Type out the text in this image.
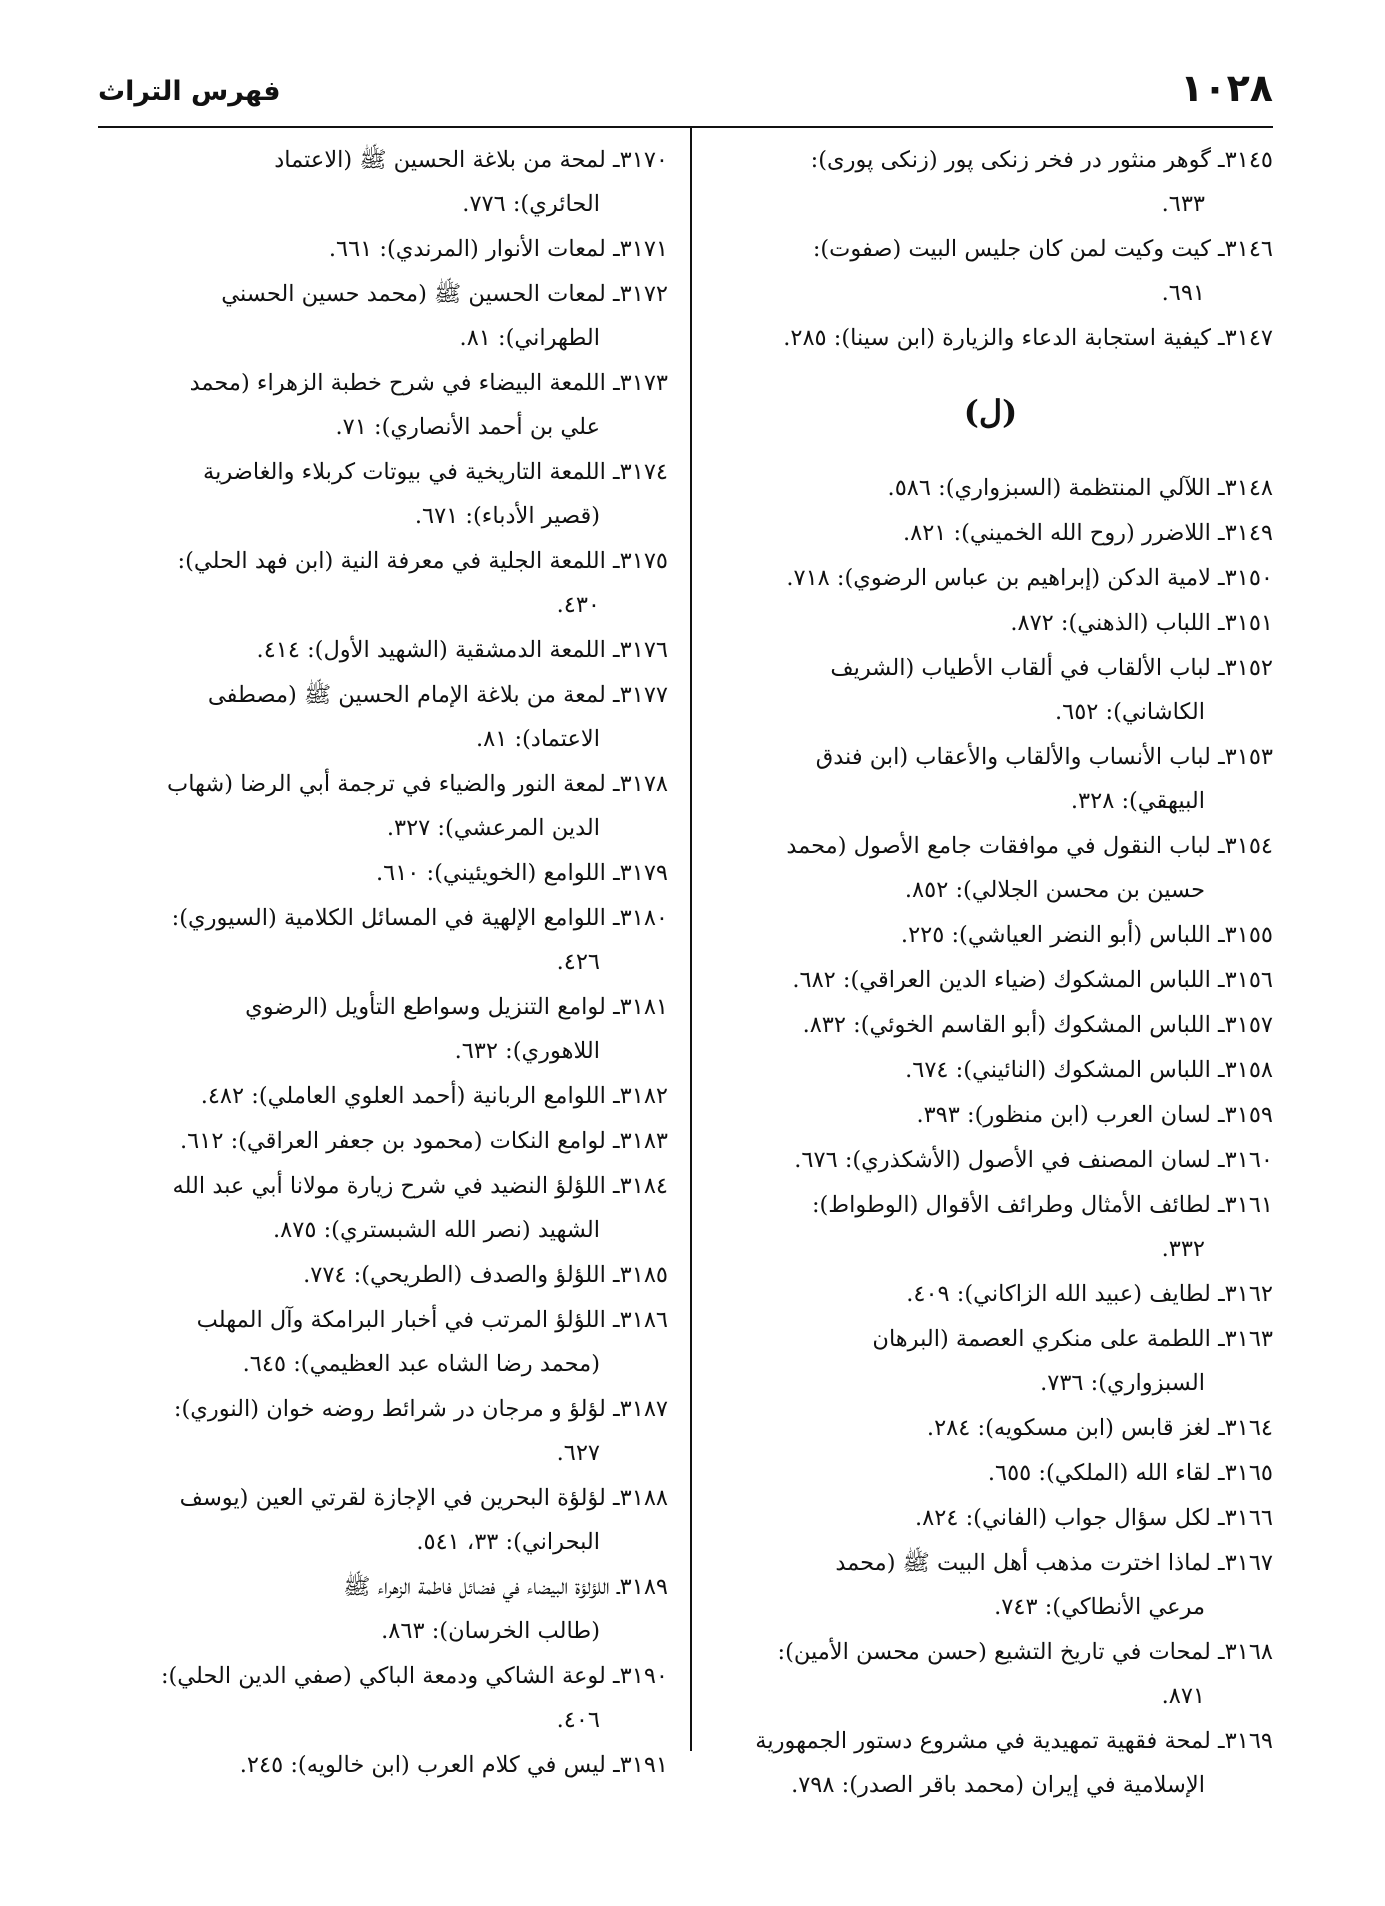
١٠٢٨
فهرس التراث
٣١٤٥ـ گوهر منثور در فخر زنكى پور (زنكى پورى):
٦٣٣.
٣١٤٦ـ كيت وكيت لمن كان جليس البيت (صفوت):
٦٩١.
٣١٤٧ـ كيفية استجابة الدعاء والزيارة (ابن سينا): ٢٨٥.
(ل)
٣١٤٨ـ اللآلي المنتظمة (السبزواري): ٥٨٦.
٣١٤٩ـ اللاضرر (روح الله الخميني): ٨٢١.
٣١٥٠ـ لامية الدكن (إبراهيم بن عباس الرضوي): ٧١٨.
٣١٥١ـ اللباب (الذهني): ٨٧٢.
٣١٥٢ـ لباب الألقاب في ألقاب الأطياب (الشريف
الكاشاني): ٦٥٢.
٣١٥٣ـ لباب الأنساب والألقاب والأعقاب (ابن فندق
البيهقي): ٣٢٨.
٣١٥٤ـ لباب النقول في موافقات جامع الأصول (محمد
حسين بن محسن الجلالي): ٨٥٢.
٣١٥٥ـ اللباس (أبو النضر العياشي): ٢٢٥.
٣١٥٦ـ اللباس المشكوك (ضياء الدين العراقي): ٦٨٢.
٣١٥٧ـ اللباس المشكوك (أبو القاسم الخوئي): ٨٣٢.
٣١٥٨ـ اللباس المشكوك (النائيني): ٦٧٤.
٣١٥٩ـ لسان العرب (ابن منظور): ٣٩٣.
٣١٦٠ـ لسان المصنف في الأصول (الأشكذري): ٦٧٦.
٣١٦١ـ لطائف الأمثال وطرائف الأقوال (الوطواط):
٣٣٢.
٣١٦٢ـ لطايف (عبيد الله الزاكاني): ٤٠٩.
٣١٦٣ـ اللطمة على منكري العصمة (البرهان
السبزواري): ٧٣٦.
٣١٦٤ـ لغز قابس (ابن مسكويه): ٢٨٤.
٣١٦٥ـ لقاء الله (الملكي): ٦٥٥.
٣١٦٦ـ لكل سؤال جواب (الفاني): ٨٢٤.
٣١٦٧ـ لماذا اخترت مذهب أهل البيت ﷺ (محمد
مرعي الأنطاكي): ٧٤٣.
٣١٦٨ـ لمحات في تاريخ التشيع (حسن محسن الأمين):
٨٧١.
٣١٦٩ـ لمحة فقهية تمهيدية في مشروع دستور الجمهورية
الإسلامية في إيران (محمد باقر الصدر): ٧٩٨.
٣١٧٠ـ لمحة من بلاغة الحسين ﷺ (الاعتماد
الحائري): ٧٧٦.
٣١٧١ـ لمعات الأنوار (المرندي): ٦٦١.
٣١٧٢ـ لمعات الحسين ﷺ (محمد حسين الحسني
الطهراني): ٨١.
٣١٧٣ـ اللمعة البيضاء في شرح خطبة الزهراء (محمد
علي بن أحمد الأنصاري): ٧١.
٣١٧٤ـ اللمعة التاريخية في بيوتات كربلاء والغاضرية
(قصير الأدباء): ٦٧١.
٣١٧٥ـ اللمعة الجلية في معرفة النية (ابن فهد الحلي):
٤٣٠.
٣١٧٦ـ اللمعة الدمشقية (الشهيد الأول): ٤١٤.
٣١٧٧ـ لمعة من بلاغة الإمام الحسين ﷺ (مصطفى
الاعتماد): ٨١.
٣١٧٨ـ لمعة النور والضياء في ترجمة أبي الرضا (شهاب
الدين المرعشي): ٣٢٧.
٣١٧٩ـ اللوامع (الخويئيني): ٦١٠.
٣١٨٠ـ اللوامع الإلهية في المسائل الكلامية (السيوري):
٤٢٦.
٣١٨١ـ لوامع التنزيل وسواطع التأويل (الرضوي
اللاهوري): ٦٣٢.
٣١٨٢ـ اللوامع الربانية (أحمد العلوي العاملي): ٤٨٢.
٣١٨٣ـ لوامع النكات (محمود بن جعفر العراقي): ٦١٢.
٣١٨٤ـ اللؤلؤ النضيد في شرح زيارة مولانا أبي عبد الله
الشهيد (نصر الله الشبستري): ٨٧٥.
٣١٨٥ـ اللؤلؤ والصدف (الطريحي): ٧٧٤.
٣١٨٦ـ اللؤلؤ المرتب في أخبار البرامكة وآل المهلب
(محمد رضا الشاه عبد العظيمي): ٦٤٥.
٣١٨٧ـ لؤلؤ و مرجان در شرائط روضه خوان (النوري):
٦٢٧.
٣١٨٨ـ لؤلؤة البحرين في الإجازة لقرتي العين (يوسف
البحراني): ٣٣، ٥٤١.
٣١٨٩ـ اللؤلؤة البيضاء في فضائل فاطمة الزهراء ﷺ
(طالب الخرسان): ٨٦٣.
٣١٩٠ـ لوعة الشاكي ودمعة الباكي (صفي الدين الحلي):
٤٠٦.
٣١٩١ـ ليس في كلام العرب (ابن خالويه): ٢٤٥.
